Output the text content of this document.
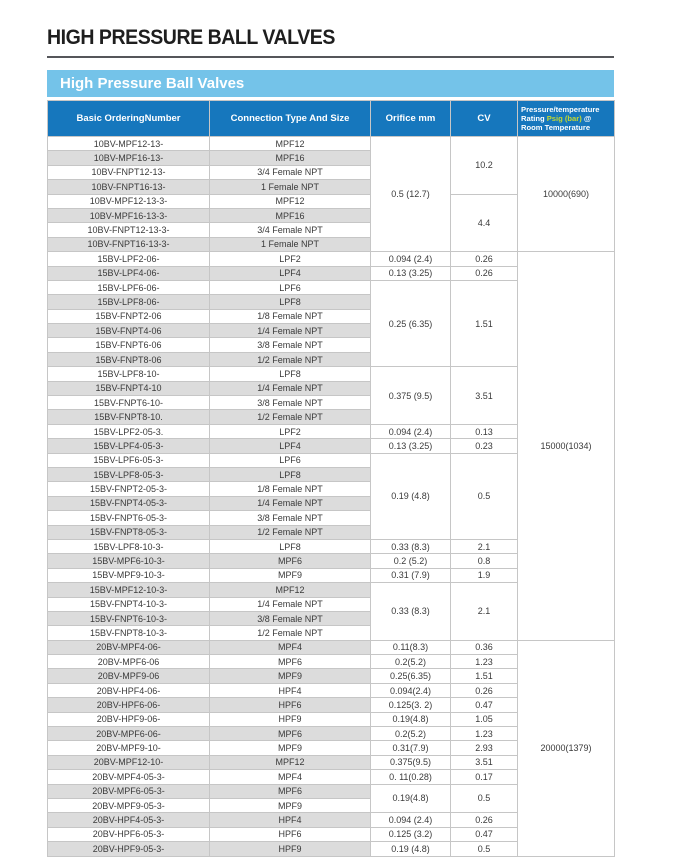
HIGH PRESSURE BALL VALVES
High Pressure Ball Valves
Basic OrderingNumber	Connection Type And Size	Orifice mm	CV	Pressure/temperature Rating Psig (bar) @ Room Temperature
10BV-MPF12-13-	MPF12	0.5 (12.7)	10.2	10000(690)
10BV-MPF16-13-	MPF16			
10BV-FNPT12-13-	3/4 Female NPT			
10BV-FNPT16-13-	1 Female NPT			
10BV-MPF12-13-3-	MPF12		4.4	
10BV-MPF16-13-3-	MPF16			
10BV-FNPT12-13-3-	3/4 Female NPT			
10BV-FNPT16-13-3-	1 Female NPT			
15BV-LPF2-06-	LPF2	0.094 (2.4)	0.26	15000(1034)
15BV-LPF4-06-	LPF4	0.13 (3.25)	0.26	
15BV-LPF6-06-	LPF6	0.25 (6.35)	1.51	
15BV-LPF8-06-	LPF8			
15BV-FNPT2-06	1/8 Female NPT			
15BV-FNPT4-06	1/4 Female NPT			
15BV-FNPT6-06	3/8 Female NPT			
15BV-FNPT8-06	1/2 Female NPT			
15BV-LPF8-10-	LPF8	0.375 (9.5)	3.51	
15BV-FNPT4-10	1/4 Female NPT			
15BV-FNPT6-10-	3/8 Female NPT			
15BV-FNPT8-10.	1/2 Female NPT			
15BV-LPF2-05-3.	LPF2	0.094 (2.4)	0.13	
15BV-LPF4-05-3-	LPF4	0.13 (3.25)	0.23	
15BV-LPF6-05-3-	LPF6	0.19 (4.8)	0.5	
15BV-LPF8-05-3-	LPF8			
15BV-FNPT2-05-3-	1/8 Female NPT			
15BV-FNPT4-05-3-	1/4 Female NPT			
15BV-FNPT6-05-3-	3/8 Female NPT			
15BV-FNPT8-05-3-	1/2 Female NPT			
15BV-LPF8-10-3-	LPF8	0.33 (8.3)	2.1	
15BV-MPF6-10-3-	MPF6	0.2 (5.2)	0.8	
15BV-MPF9-10-3-	MPF9	0.31 (7.9)	1.9	
15BV-MPF12-10-3-	MPF12	0.33 (8.3)	2.1	
15BV-FNPT4-10-3-	1/4 Female NPT			
15BV-FNPT6-10-3-	3/8 Female NPT			
15BV-FNPT8-10-3-	1/2 Female NPT			
20BV-MPF4-06-	MPF4	0.11(8.3)	0.36	20000(1379)
20BV-MPF6-06	MPF6	0.2(5.2)	1.23	
20BV-MPF9-06	MPF9	0.25(6.35)	1.51	
20BV-HPF4-06-	HPF4	0.094(2.4)	0.26	
20BV-HPF6-06-	HPF6	0.125(3. 2)	0.47	
20BV-HPF9-06-	HPF9	0.19(4.8)	1.05	
20BV-MPF6-06-	MPF6	0.2(5.2)	1.23	
20BV-MPF9-10-	MPF9	0.31(7.9)	2.93	
20BV-MPF12-10-	MPF12	0.375(9.5)	3.51	
20BV-MPF4-05-3-	MPF4	0. 11(0.28)	0.17	
20BV-MPF6-05-3-	MPF6	0.19(4.8)	0.5	
20BV-MPF9-05-3-	MPF9			
20BV-HPF4-05-3-	HPF4	0.094 (2.4)	0.26	
20BV-HPF6-05-3-	HPF6	0.125 (3.2)	0.47	
20BV-HPF9-05-3-	HPF9	0.19 (4.8)	0.5	
